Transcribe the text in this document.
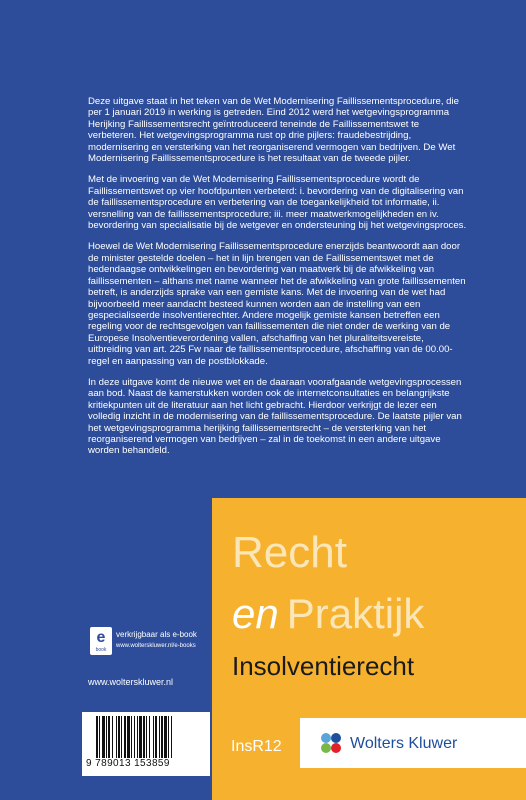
Deze uitgave staat in het teken van de Wet Modernisering Faillissementsprocedure, die per 1 januari 2019 in werking is getreden. Eind 2012 werd het wetgevingsprogramma Herijking Faillissementsrecht geïntroduceerd teneinde de Faillissementswet te verbeteren. Het wetgevingsprogramma rust op drie pijlers: fraudebestrijding, modernisering en versterking van het reorganiserend vermogen van bedrijven. De Wet Modernisering Faillissementsprocedure is het resultaat van de tweede pijler.

Met de invoering van de Wet Modernisering Faillissementsprocedure wordt de Faillissementswet op vier hoofdpunten verbeterd: i. bevordering van de digitalisering van de faillissementsprocedure en verbetering van de toegankelijkheid tot informatie, ii. versnelling van de faillissementsprocedure; iii. meer maatwerkmogelijkheden en iv. bevordering van specialisatie bij de wetgever en ondersteuning bij het wetgevingsproces.

Hoewel de Wet Modernisering Faillissementsprocedure enerzijds beantwoordt aan door de minister gestelde doelen – het in lijn brengen van de Faillissementswet met de hedendaagse ontwikkelingen en bevordering van maatwerk bij de afwikkeling van faillissementen – althans met name wanneer het de afwikkeling van grote faillissementen betreft, is anderzijds sprake van een gemiste kans. Met de invoering van de wet had bijvoorbeeld meer aandacht besteed kunnen worden aan de instelling van een gespecialiseerde insolventierechter. Andere mogelijk gemiste kansen betreffen een regeling voor de rechtsgevolgen van faillissementen die niet onder de werking van de Europese Insolventieverordening vallen, afschaffing van het pluraliteitsvereiste, uitbreiding van art. 225 Fw naar de faillissementsprocedure, afschaffing van de 00.00-regel en aanpassing van de postblokkade.

In deze uitgave komt de nieuwe wet en de daaraan voorafgaande wetgevingsprocessen aan bod. Naast de kamerstukken worden ook de internetconsultaties en belangrijkste kritiekpunten uit de literatuur aan het licht gebracht. Hierdoor verkrijgt de lezer een volledig inzicht in de modernisering van de faillissementsprocedure. De laatste pijler van het wetgevingsprogramma herijking faillissementsrecht – de versterking van het reorganiserend vermogen van bedrijven – zal in de toekomst in een andere uitgave worden behandeld.

Recht
en Praktijk
Insolventierecht
InsR12	Wolters Kluwer
e
book
verkrijgbaar als e-book
www.wolterskluwer.nl/e-books
www.wolterskluwer.nl
9 789013 153859
